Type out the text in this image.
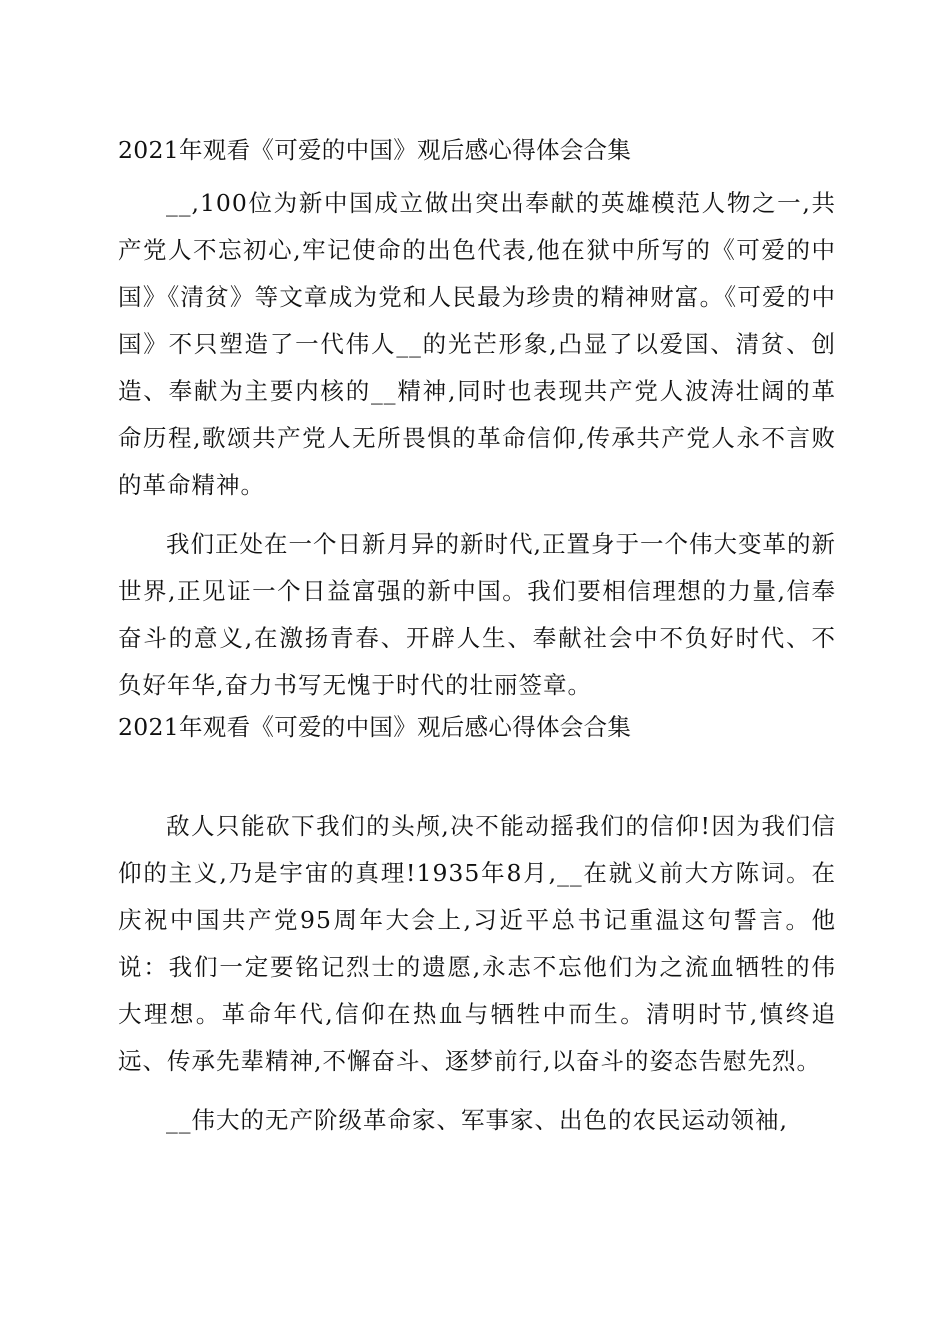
2021年观看《可爱的中国》观后感心得体会合集

__,100位为新中国成立做出突出奉献的英雄模范人物之一,共产党人不忘初心,牢记使命的出色代表,他在狱中所写的《可爱的中国》《清贫》等文章成为党和人民最为珍贵的精神财富。《可爱的中国》不只塑造了一代伟人__的光芒形象,凸显了以爱国、清贫、创造、奉献为主要内核的__精神,同时也表现共产党人波涛壮阔的革命历程,歌颂共产党人无所畏惧的革命信仰,传承共产党人永不言败的革命精神。

我们正处在一个日新月异的新时代,正置身于一个伟大变革的新世界,正见证一个日益富强的新中国。我们要相信理想的力量,信奉奋斗的意义,在激扬青春、开辟人生、奉献社会中不负好时代、不负好年华,奋力书写无愧于时代的壮丽签章。

2021年观看《可爱的中国》观后感心得体会合集

敌人只能砍下我们的头颅,决不能动摇我们的信仰!因为我们信仰的主义,乃是宇宙的真理!1935年8月,__在就义前大方陈词。在庆祝中国共产党95周年大会上,习近平总书记重温这句誓言。他说：我们一定要铭记烈士的遗愿,永志不忘他们为之流血牺牲的伟大理想。革命年代,信仰在热血与牺牲中而生。清明时节,慎终追远、传承先辈精神,不懈奋斗、逐梦前行,以奋斗的姿态告慰先烈。

__伟大的无产阶级革命家、军事家、出色的农民运动领袖,
